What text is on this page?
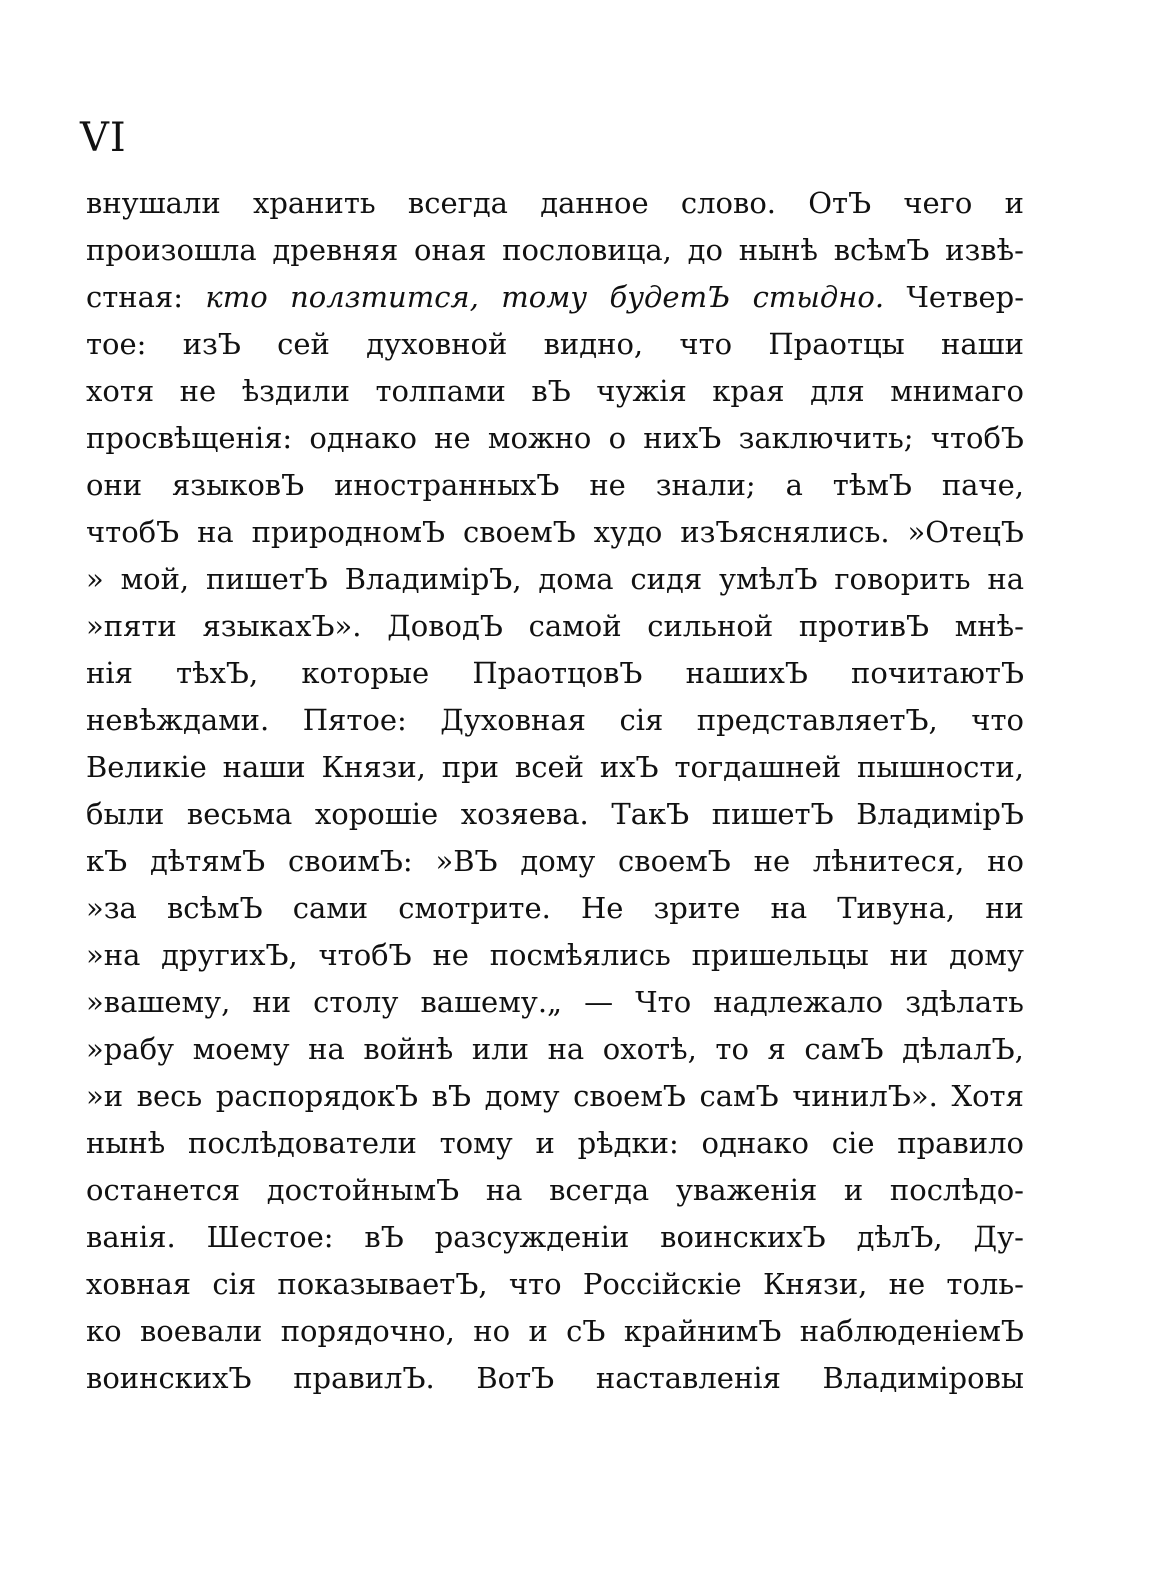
VI
внушали хранить всегда данное слово. ОтЪ чего и
произошла древняя оная пословица, до нынѣ всѣмЪ извѣ-
стная: кто ползтится, тому будетЪ стыдно. Четвер-
тое: изЪ сей духовной видно, что Праотцы наши
хотя не ѣздили толпами вЪ чужія края для мнимаго
просвѣщенія: однако не можно о нихЪ заключить; чтобЪ
они языковЪ иностранныхЪ не знали; а тѣмЪ паче,
чтобЪ на природномЪ своемЪ худо изЪяснялись. »ОтецЪ
» мой, пишетЪ ВладимірЪ, дома сидя умѣлЪ говорить на
»пяти языкахЪ». ДоводЪ самой сильной противЪ мнѣ-
нія тѣхЪ, которые ПраотцовЪ нашихЪ почитаютЪ
невѣждами. Пятое: Духовная сія представляетЪ, что
Великіе наши Князи, при всей ихЪ тогдашней пышности,
были весьма хорошіе хозяева. ТакЪ пишетЪ ВладимірЪ
кЪ дѣтямЪ своимЪ: »ВЪ дому своемЪ не лѣнитеся, но
»за всѣмЪ сами смотрите. Не зрите на Тивуна, ни
»на другихЪ, чтобЪ не посмѣялись пришельцы ни дому
»вашему, ни столу вашему.„ — Что надлежало здѣлать
»рабу моему на войнѣ или на охотѣ, то я самЪ дѣлалЪ,
»и весь распорядокЪ вЪ дому своемЪ самЪ чинилЪ». Хотя
нынѣ послѣдователи тому и рѣдки: однако сіе правило
останется достойнымЪ на всегда уваженія и послѣдо-
ванія. Шестое: вЪ разсужденіи воинскихЪ дѣлЪ, Ду-
ховная сія показываетЪ, что Россійскіе Князи, не толь-
ко воевали порядочно, но и сЪ крайнимЪ наблюденіемЪ
воинскихЪ правилЪ. ВотЪ наставленія Владиміровы
